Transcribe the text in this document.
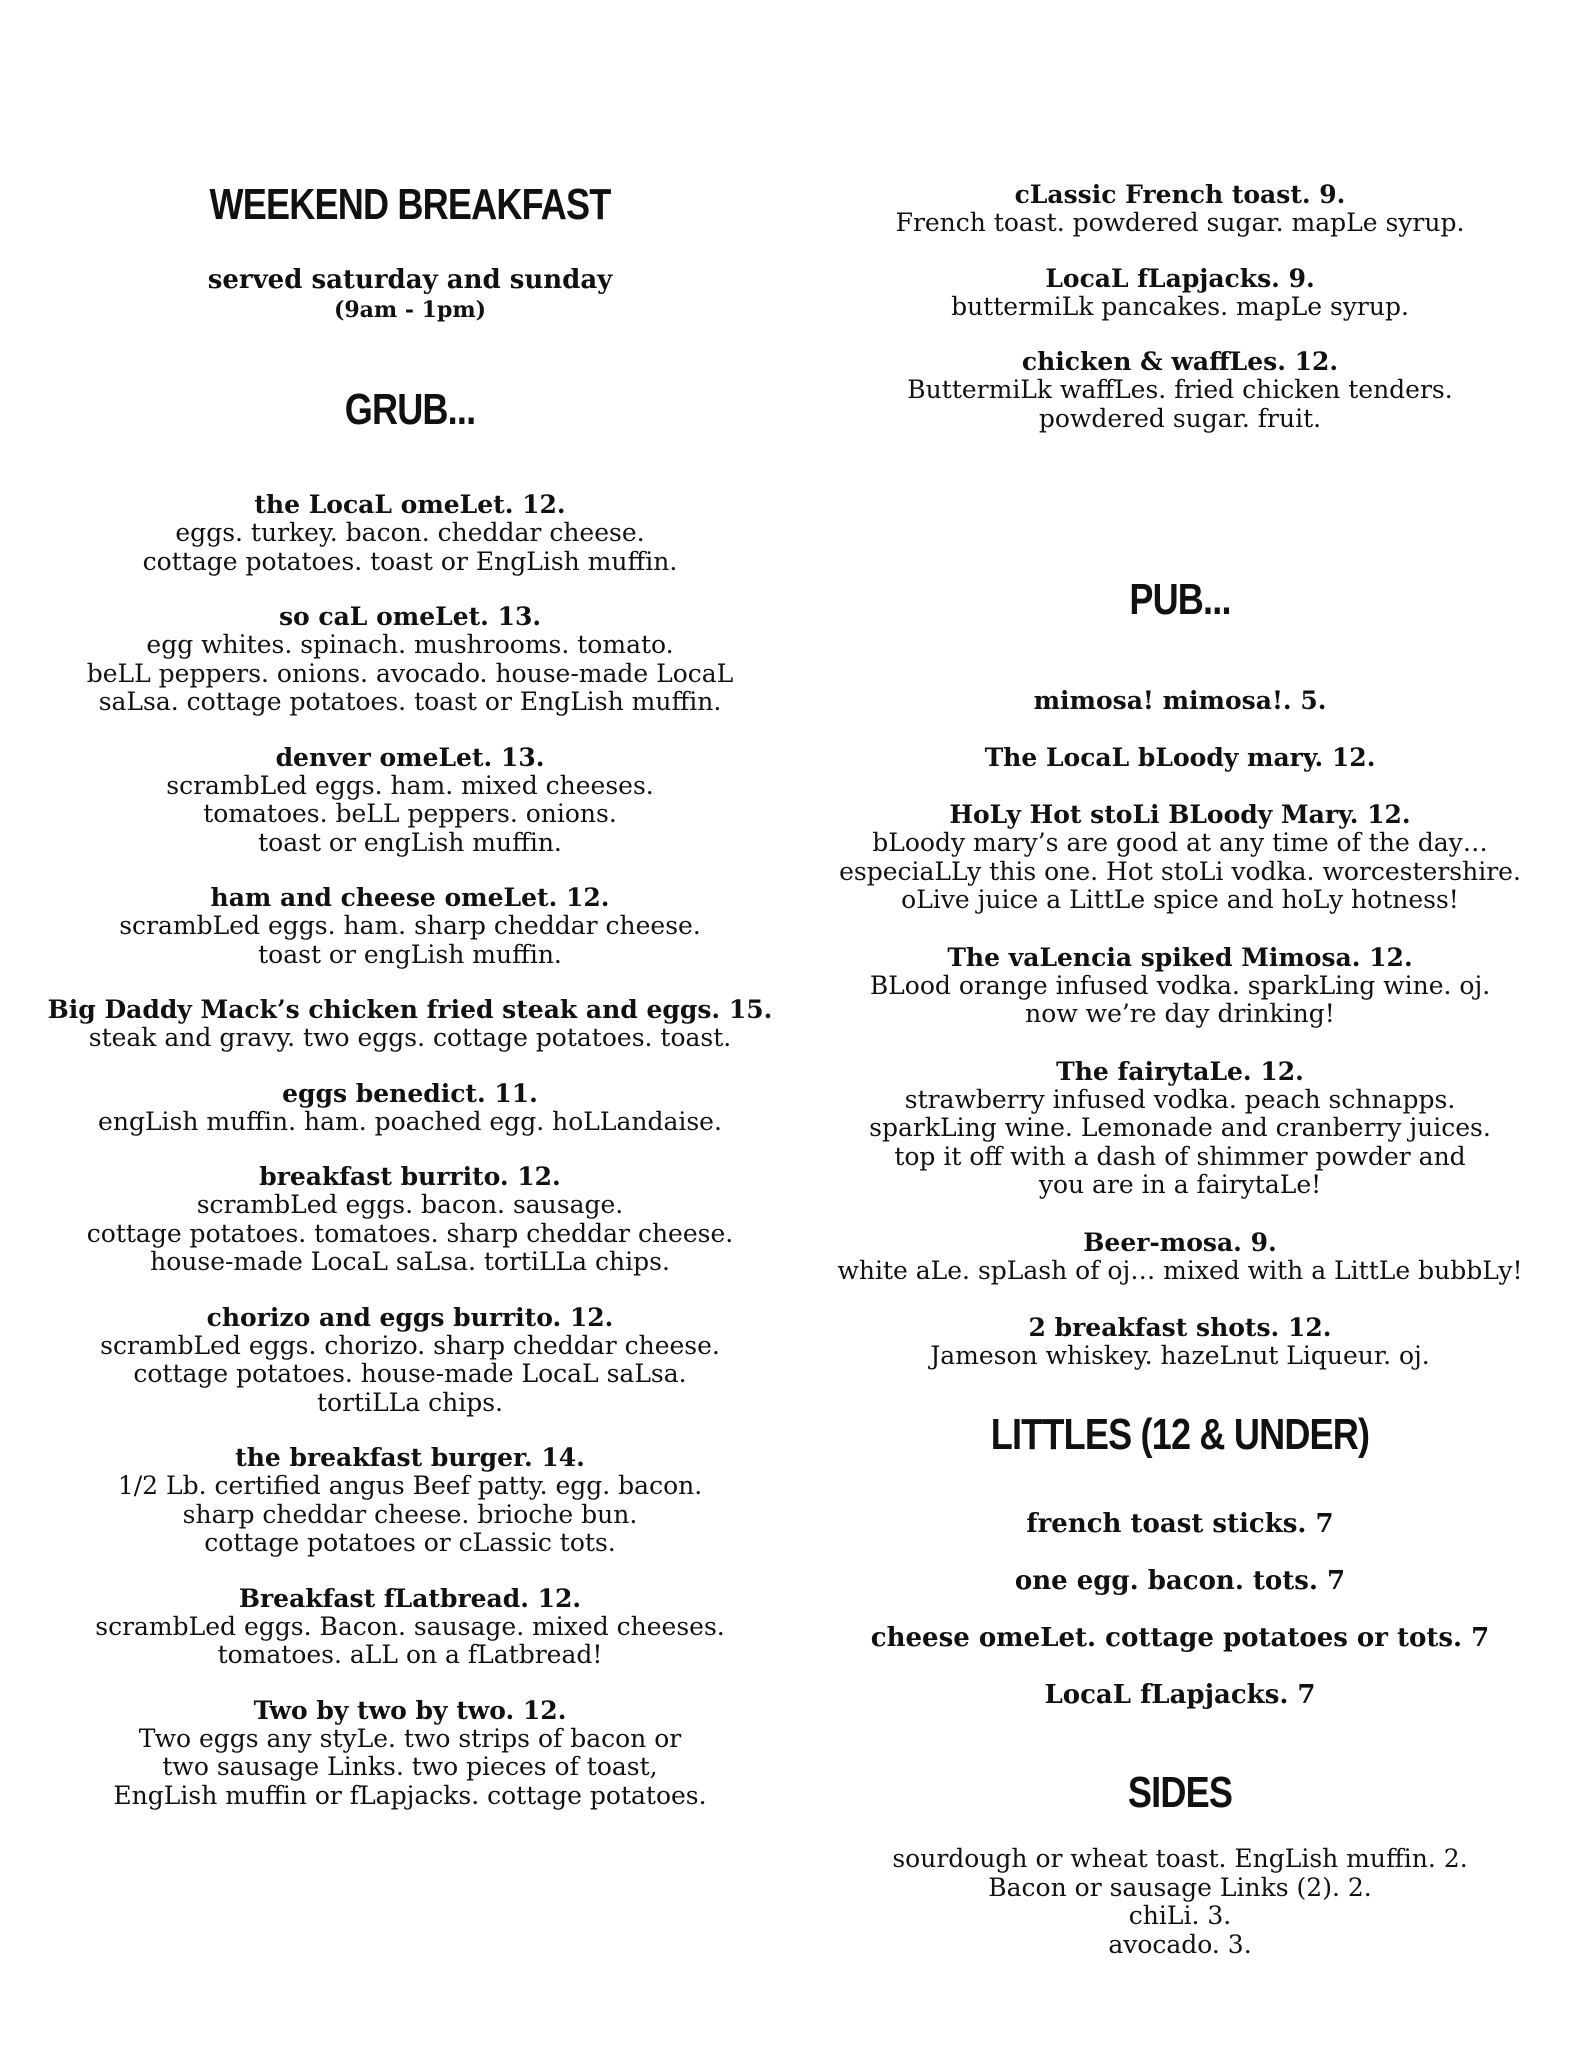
WEEKEND BREAKFAST
served saturday and sunday
(9am - 1pm)
GRUB...
the LocaL omeLet. 12.
eggs. turkey. bacon. cheddar cheese.
cottage potatoes. toast or EngLish muffin.
so caL omeLet. 13.
egg whites. spinach. mushrooms. tomato.
beLL peppers. onions. avocado. house-made LocaL
saLsa. cottage potatoes. toast or EngLish muffin.
denver omeLet. 13.
scrambLed eggs. ham. mixed cheeses.
tomatoes. beLL peppers. onions.
toast or engLish muffin.
ham and cheese omeLet. 12.
scrambLed eggs. ham. sharp cheddar cheese.
toast or engLish muffin.
Big Daddy Mack’s chicken fried steak and eggs. 15.
steak and gravy. two eggs. cottage potatoes. toast.
eggs benedict. 11.
engLish muffin. ham. poached egg. hoLLandaise.
breakfast burrito. 12.
scrambLed eggs. bacon. sausage.
cottage potatoes. tomatoes. sharp cheddar cheese.
house-made LocaL saLsa. tortiLLa chips.
chorizo and eggs burrito. 12.
scrambLed eggs. chorizo. sharp cheddar cheese.
cottage potatoes. house-made LocaL saLsa.
tortiLLa chips.
the breakfast burger. 14.
1/2 Lb. certified angus Beef patty. egg. bacon.
sharp cheddar cheese. brioche bun.
cottage potatoes or cLassic tots.
Breakfast fLatbread. 12.
scrambLed eggs. Bacon. sausage. mixed cheeses.
tomatoes. aLL on a fLatbread!
Two by two by two. 12.
Two eggs any styLe. two strips of bacon or
two sausage Links. two pieces of toast,
EngLish muffin or fLapjacks. cottage potatoes.
cLassic French toast. 9.
French toast. powdered sugar. mapLe syrup.
LocaL fLapjacks. 9.
buttermiLk pancakes. mapLe syrup.
chicken & waffLes. 12.
ButtermiLk waffLes. fried chicken tenders.
powdered sugar. fruit.
PUB...
mimosa! mimosa!. 5.
The LocaL bLoody mary. 12.
HoLy Hot stoLi BLoody Mary. 12.
bLoody mary’s are good at any time of the day…
especiaLLy this one. Hot stoLi vodka. worcestershire.
oLive juice a LittLe spice and hoLy hotness!
The vaLencia spiked Mimosa. 12.
BLood orange infused vodka. sparkLing wine. oj.
now we’re day drinking!
The fairytaLe. 12.
strawberry infused vodka. peach schnapps.
sparkLing wine. Lemonade and cranberry juices.
top it off with a dash of shimmer powder and
you are in a fairytaLe!
Beer-mosa. 9.
white aLe. spLash of oj… mixed with a LittLe bubbLy!
2 breakfast shots. 12.
Jameson whiskey. hazeLnut Liqueur. oj.
LITTLES (12 & UNDER)
french toast sticks. 7
one egg. bacon. tots. 7
cheese omeLet. cottage potatoes or tots. 7
LocaL fLapjacks. 7
SIDES
sourdough or wheat toast. EngLish muffin. 2.
Bacon or sausage Links (2). 2.
chiLi. 3.
avocado. 3.
